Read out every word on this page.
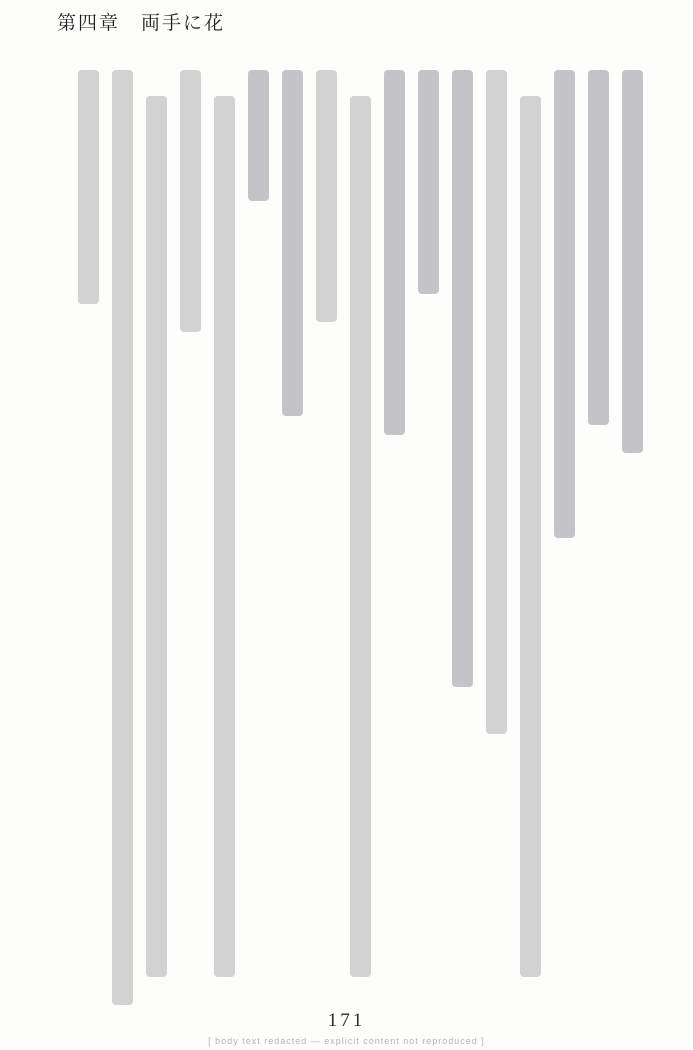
第四章　両手に花
[ body text redacted — explicit content not reproduced ]
171
